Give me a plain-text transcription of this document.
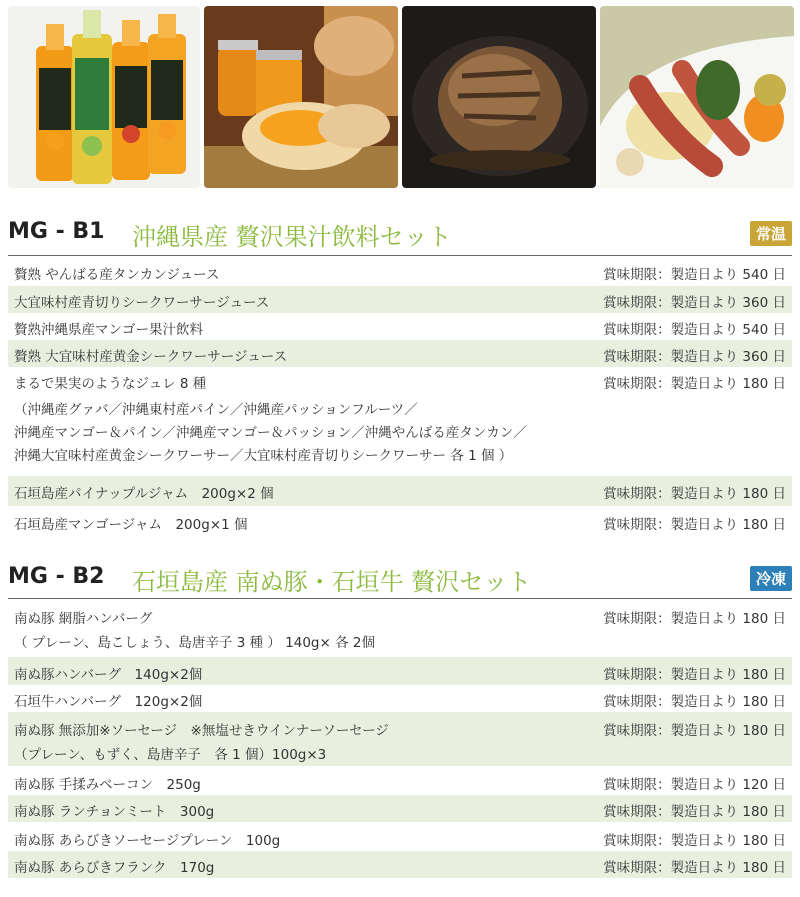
MG - B1 沖縄県産 贅沢果汁飲料セット	常温
贅熟 やんばる産タンカンジュース	賞味期限：製造日より 540 日
大宜味村産青切りシークワーサージュース	賞味期限：製造日より 360 日
贅熟沖縄県産マンゴー果汁飲料	賞味期限：製造日より 540 日
贅熟 大宜味村産黄金シークワーサージュース	賞味期限：製造日より 360 日
まるで果実のようなジュレ 8 種	賞味期限：製造日より 180 日
（沖縄産グァバ／沖縄東村産パイン／沖縄産パッションフルーツ／
沖縄産マンゴー＆パイン／沖縄産マンゴー＆パッション／沖縄やんばる産タンカン／
沖縄大宜味村産黄金シークワーサー／大宜味村産青切りシークワーサー 各 1 個 ）
石垣島産パイナップルジャム　200g×2 個	賞味期限：製造日より 180 日
石垣島産マンゴージャム　200g×1 個	賞味期限：製造日より 180 日
MG - B2 石垣島産 南ぬ豚・石垣牛 贅沢セット	冷凍
南ぬ豚 網脂ハンバーグ	賞味期限：製造日より 180 日
（ プレーン、島こしょう、島唐辛子 3 種 ） 140g× 各 2個
南ぬ豚ハンバーグ　140g×2個	賞味期限：製造日より 180 日
石垣牛ハンバーグ　120g×2個	賞味期限：製造日より 180 日
南ぬ豚 無添加※ソーセージ　※無塩せきウインナーソーセージ	賞味期限：製造日より 180 日
（プレーン、もずく、島唐辛子　各 1 個）100g×3
南ぬ豚 手揉みベーコン　250g	賞味期限：製造日より 120 日
南ぬ豚 ランチョンミート　300g	賞味期限：製造日より 180 日
南ぬ豚 あらびきソーセージプレーン　100g	賞味期限：製造日より 180 日
南ぬ豚 あらびきフランク　170g	賞味期限：製造日より 180 日
